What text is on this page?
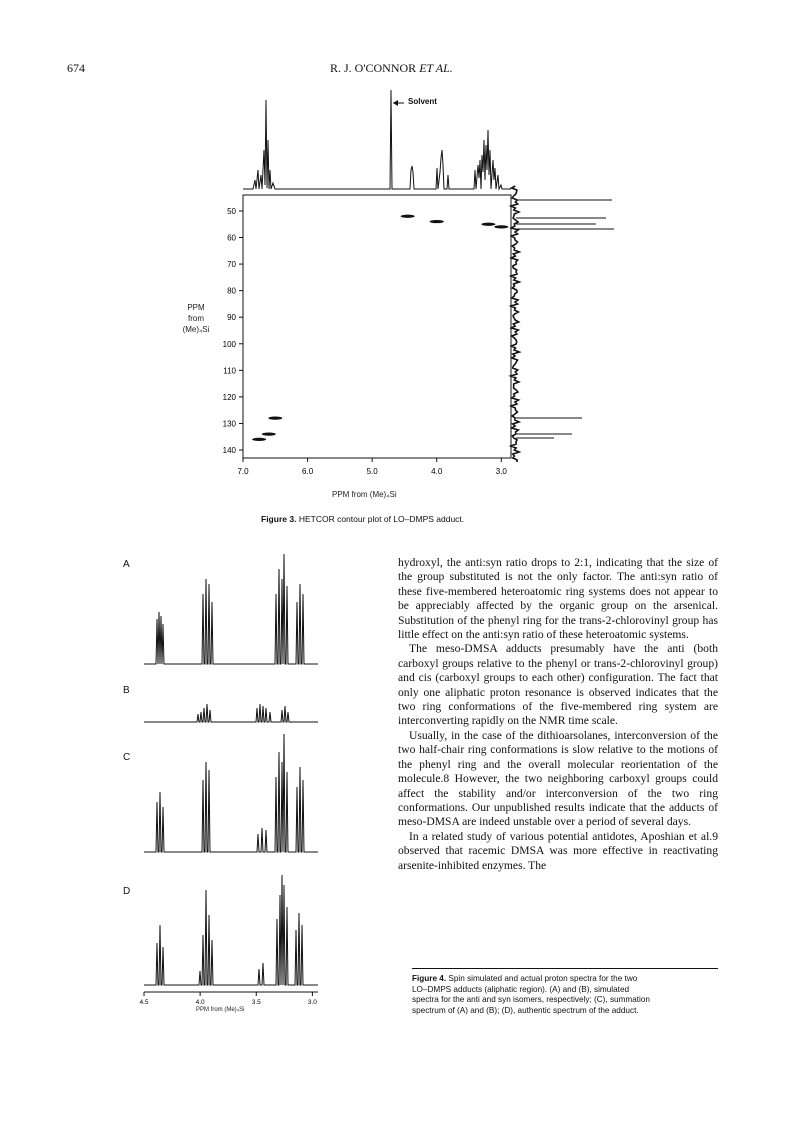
674	R. J. O'CONNOR ET AL.
50
60
70
80
90
100
110
120
130
140
7.0	6.0	5.0	4.0	3.0
Solvent
PPM
from
(Me)₄Si
PPM from (Me)₄Si
Figure 3. HETCOR contour plot of LO–DMPS adduct.
A
B
C
D
4.5	4.0	3.5	3.0
PPM from (Me)₄Si

hydroxyl, the anti:syn ratio drops to 2:1, indicating that the size of the group substituted is not the only factor. The anti:syn ratio of these five-membered heteroatomic ring systems does not appear to be appreciably affected by the organic group on the arsenical. Substitution of the phenyl ring for the trans-2-chlorovinyl group has little effect on the anti:syn ratio of these heteroatomic systems.

The meso-DMSA adducts presumably have the anti (both carboxyl groups relative to the phenyl or trans-2-chlorovinyl group) and cis (carboxyl groups to each other) configuration. The fact that only one aliphatic proton resonance is observed indicates that the two ring conformations of the five-membered ring system are interconverting rapidly on the NMR time scale.

Usually, in the case of the dithioarsolanes, interconversion of the two half-chair ring conformations is slow relative to the motions of the phenyl ring and the overall molecular reorientation of the molecule.8 However, the two neighboring carboxyl groups could affect the stability and/or interconversion of the two ring conformations. Our unpublished results indicate that the adducts of meso-DMSA are indeed unstable over a period of several days.

In a related study of various potential antidotes, Aposhian et al.9 observed that racemic DMSA was more effective in reactivating arsenite-inhibited enzymes. The

Figure 4. Spin simulated and actual proton spectra for the two
LO–DMPS adducts (aliphatic region). (A) and (B), simulated
spectra for the anti and syn isomers, respectively; (C), summation
spectrum of (A) and (B); (D), authentic spectrum of the adduct.
